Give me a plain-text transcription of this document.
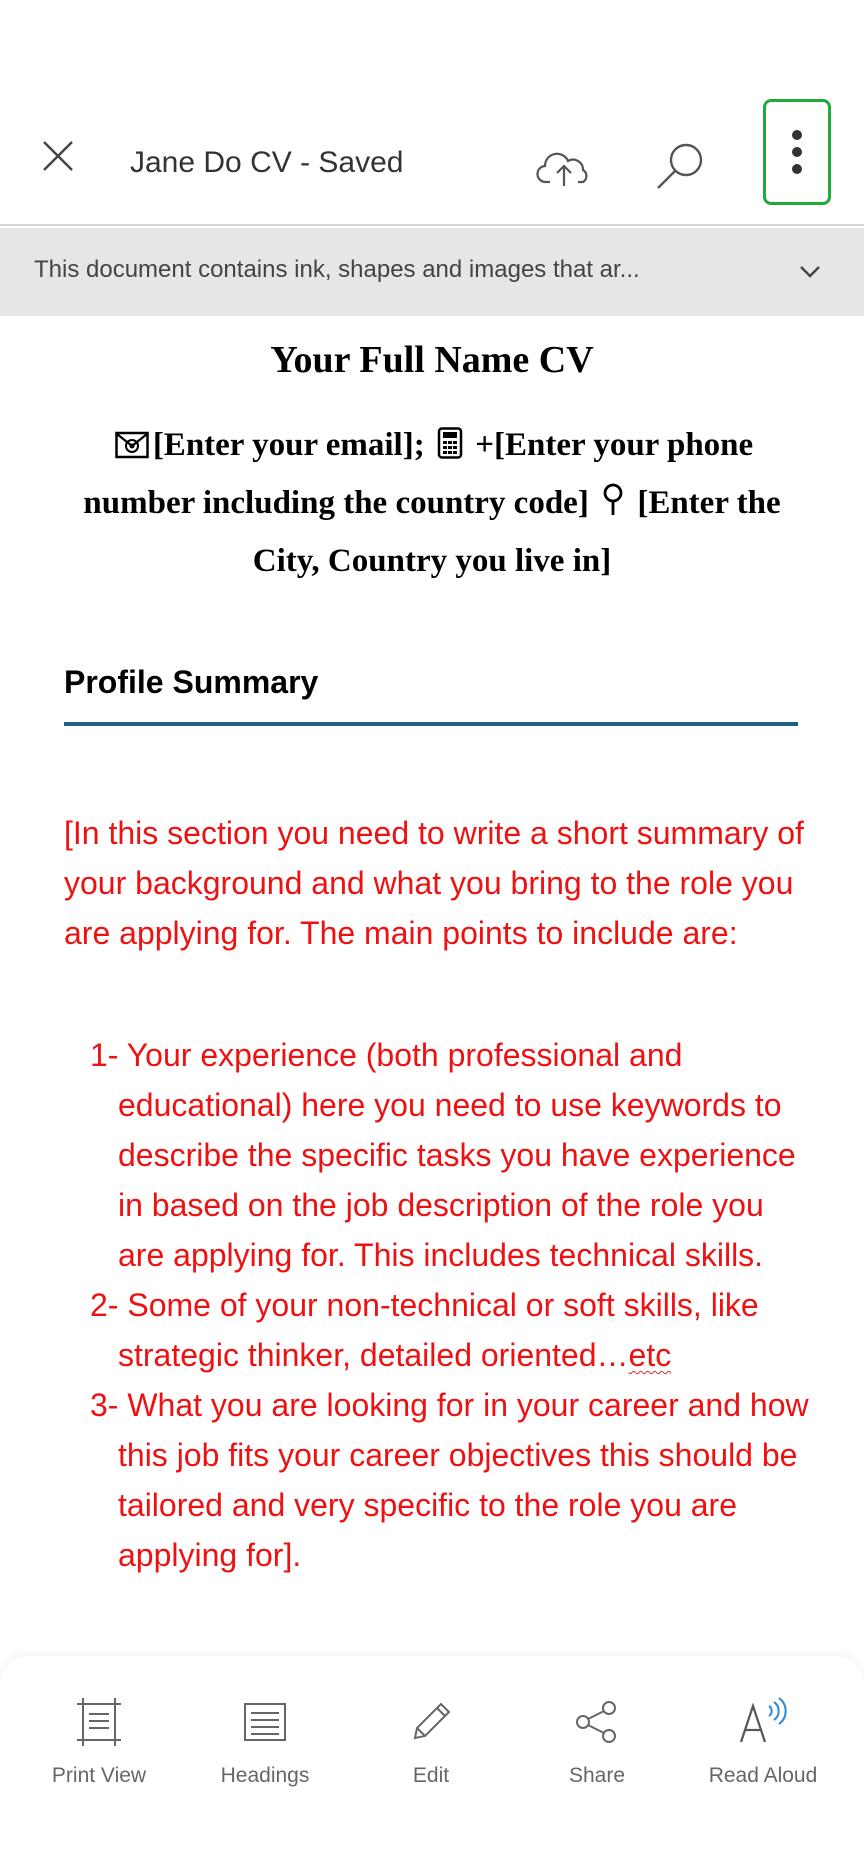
Jane Do CV - Saved
This document contains ink, shapes and images that ar...
Your Full Name CV
[Enter your email]; +[Enter your phone number including the country code] [Enter the City, Country you live in]
Profile Summary
[In this section you need to write a short summary of your background and what you bring to the role you are applying for. The main points to include are:
1- Your experience (both professional and educational) here you need to use keywords to describe the specific tasks you have experience in based on the job description of the role you are applying for. This includes technical skills.
2- Some of your non-technical or soft skills, like strategic thinker, detailed oriented…etc
3- What you are looking for in your career and how this job fits your career objectives this should be tailored and very specific to the role you are applying for].
Print View	Headings	Edit	Share	Read Aloud
